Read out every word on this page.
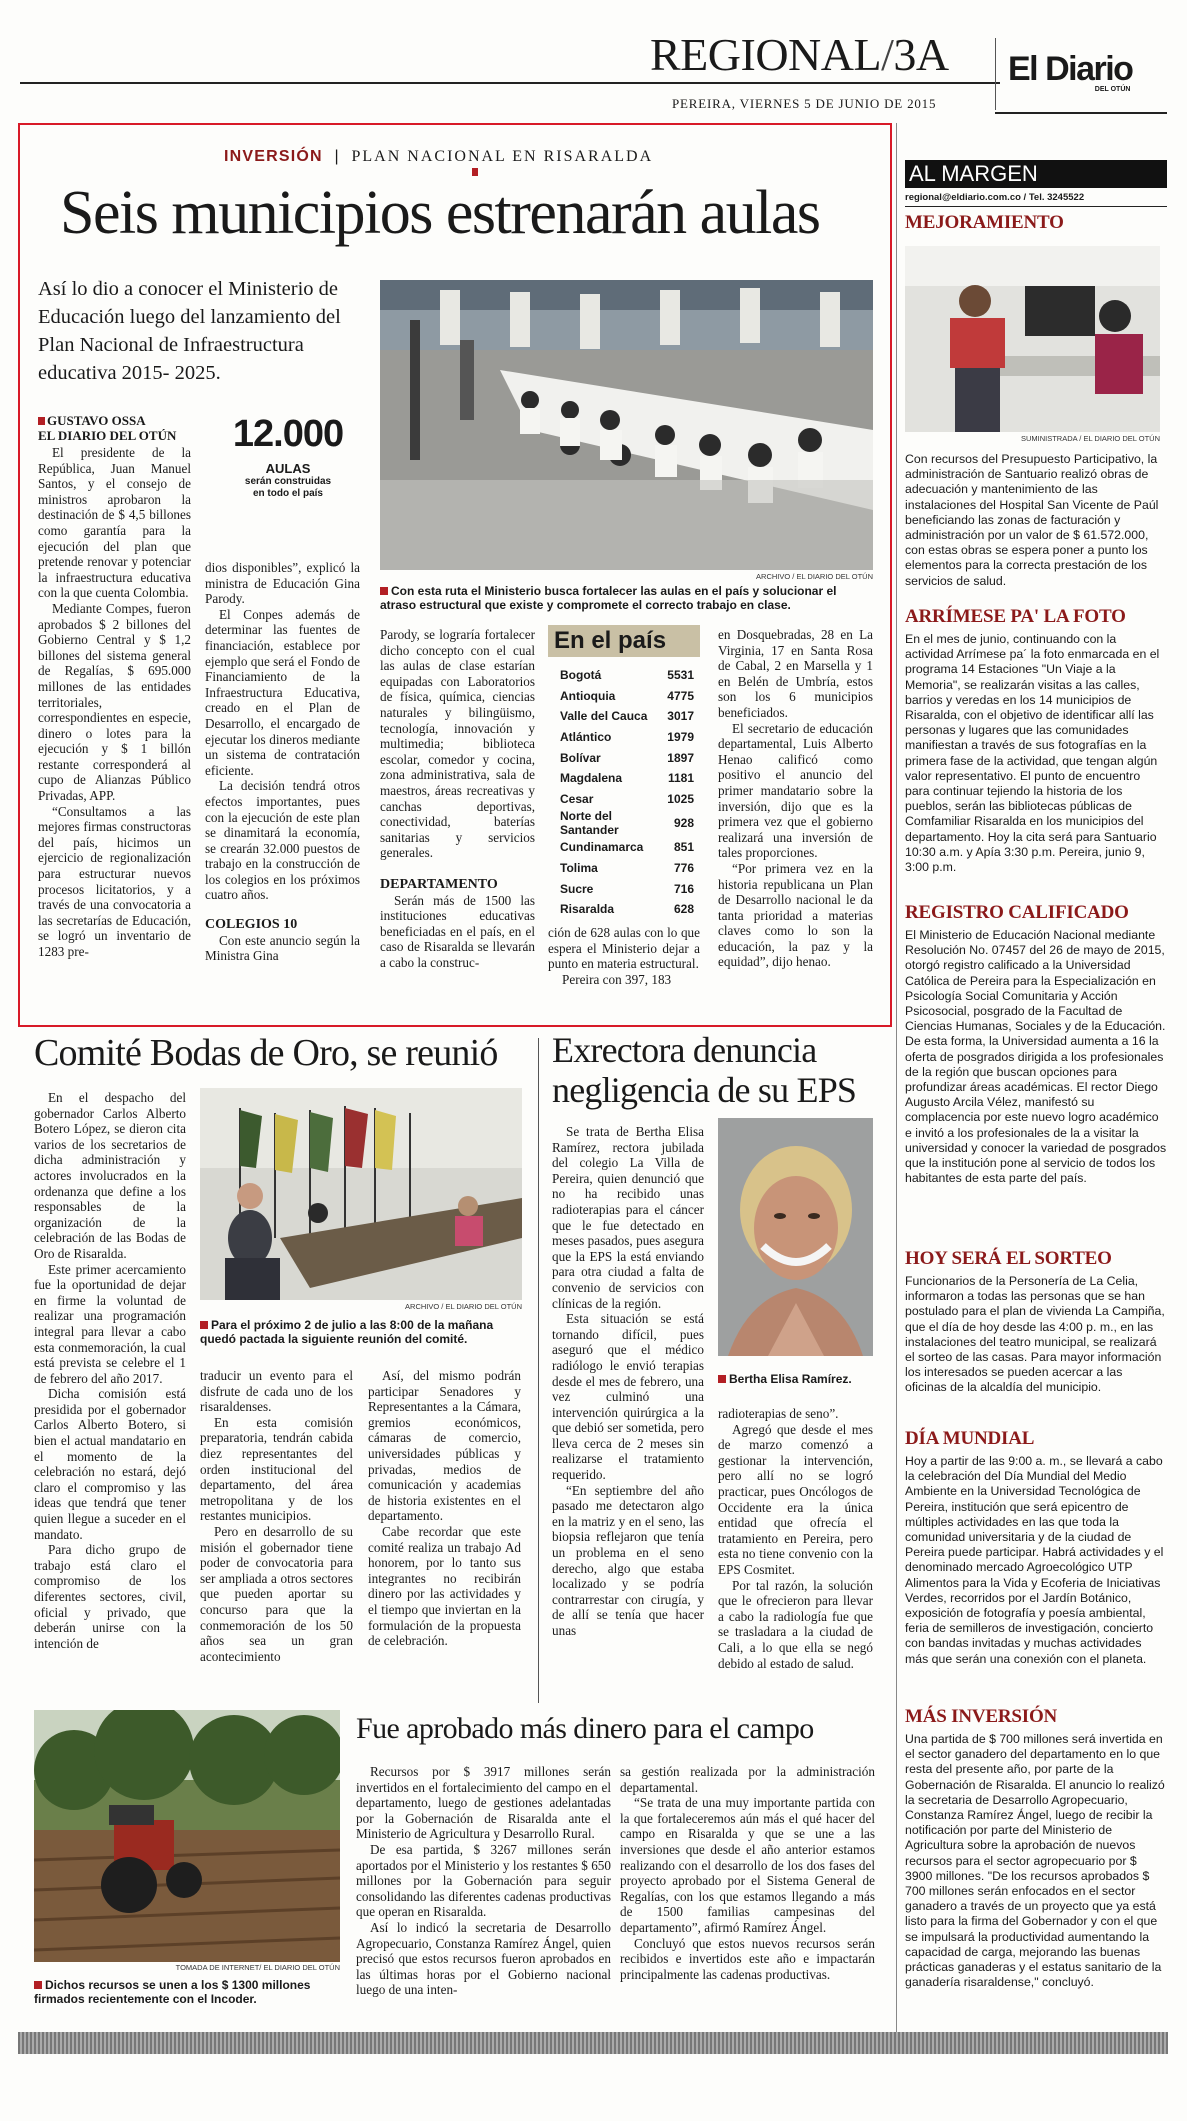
REGIONAL/3A
PEREIRA, VIERNES 5 DE JUNIO DE 2015
El Diario
DEL OTÚN
INVERSIÓN | PLAN NACIONAL EN RISARALDA
Seis municipios estrenarán aulas
Así lo dio a conocer el Ministerio de Educación luego del lanzamiento del Plan Nacional de Infraestructura educativa 2015- 2025.
ARCHIVO / EL DIARIO DEL OTÚN
Con esta ruta el Ministerio busca fortalecer las aulas en el país y solucionar el atraso estructural que existe y compromete el correcto trabajo en clase.
GUSTAVO OSSA
EL DIARIO DEL OTÚN	12.000
AULAS
serán construidas en todo el país

El presidente de la República, Juan Manuel Santos, y el consejo de ministros aprobaron la destinación de $ 4,5 billones como garantía para la ejecución del plan que pretende renovar y potenciar la infraestructura educativa con la que cuenta Colombia.

Mediante Compes, fueron aprobados $ 2 billones del Gobierno Central y $ 1,2 billones del sistema general de Regalías, $ 695.000 millones de las entidades territoriales, correspondientes en especie, dinero o lotes para la ejecución y $ 1 billón restante corresponderá al cupo de Alianzas Público Privadas, APP.

“Consultamos a las mejores firmas constructoras del país, hicimos un ejercicio de regionalización para estructurar nuevos procesos licitatorios, y a través de una convocatoria a las secretarías de Educación, se logró un inventario de 1283 pre-

dios disponibles”, explicó la ministra de Educación Gina Parody.

El Conpes además de determinar las fuentes de financiación, establece por ejemplo que será el Fondo de Financiamiento de la Infraestructura Educativa, creado en el Plan de Desarrollo, el encargado de ejecutar los dineros mediante un sistema de contratación eficiente.

La decisión tendrá otros efectos importantes, pues con la ejecución de este plan se dinamitará la economía, se crearán 32.000 puestos de trabajo en la construcción de los colegios en los próximos cuatro años.

COLEGIOS 10

Con este anuncio según la Ministra Gina

Parody, se lograría fortalecer dicho concepto con el cual las aulas de clase estarían equipadas con Laboratorios de física, química, ciencias naturales y bilingüismo, tecnología, innovación y multimedia; biblioteca escolar, comedor y cocina, zona administrativa, sala de maestros, áreas recreativas y canchas deportivas, conectividad, baterías sanitarias y servicios generales.

DEPARTAMENTO

Serán más de 1500 las instituciones educativas beneficiadas en el país, en el caso de Risaralda se llevarán a cabo la construc-

En el país
Bogotá	5531
Antioquia	4775
Valle del Cauca	3017
Atlántico	1979
Bolívar	1897
Magdalena	1181
Cesar	1025
Norte del Santander	928
Cundinamarca	851
Tolima	776
Sucre	716
Risaralda	628

ción de 628 aulas con lo que espera el Ministerio dejar a punto en materia estructural.

Pereira con 397, 183

en Dosquebradas, 28 en La Virginia, 17 en Santa Rosa de Cabal, 2 en Marsella y 1 en Belén de Umbría, estos son los 6 municipios beneficiados.

El secretario de educación departamental, Luis Alberto Henao calificó como positivo el anuncio del primer mandatario sobre la inversión, dijo que es la primera vez que el gobierno realizará una inversión de tales proporciones.

“Por primera vez en la historia republicana un Plan de Desarrollo nacional le da tanta prioridad a materias claves como lo son la educación, la paz y la equidad”, dijo henao.

Comité Bodas de Oro, se reunió
ARCHIVO / EL DIARIO DEL OTÚN
Para el próximo 2 de julio a las 8:00 de la mañana quedó pactada la siguiente reunión del comité.

En el despacho del gobernador Carlos Alberto Botero López, se dieron cita varios de los secretarios de dicha administración y actores involucrados en la ordenanza que define a los responsables de la organización de la celebración de las Bodas de Oro de Risaralda.

Este primer acercamiento fue la oportunidad de dejar en firme la voluntad de realizar una programación integral para llevar a cabo esta conmemoración, la cual está prevista se celebre el 1 de febrero del año 2017.

Dicha comisión está presidida por el gobernador Carlos Alberto Botero, si bien el actual mandatario en el momento de la celebración no estará, dejó claro el compromiso y las ideas que tendrá que tener quien llegue a suceder en el mandato.

Para dicho grupo de trabajo está claro el compromiso de los diferentes sectores, civil, oficial y privado, que deberán unirse con la intención de

traducir un evento para el disfrute de cada uno de los risaraldenses.

En esta comisión preparatoria, tendrán cabida diez representantes del orden institucional del departamento, del área metropolitana y de los restantes municipios.

Pero en desarrollo de su misión el gobernador tiene poder de convocatoria para ser ampliada a otros sectores que pueden aportar su concurso para que la conmemoración de los 50 años sea un gran acontecimiento

Así, del mismo podrán participar Senadores y Representantes a la Cámara, gremios económicos, cámaras de comercio, universidades públicas y privadas, medios de comunicación y academias de historia existentes en el departamento.

Cabe recordar que este comité realiza un trabajo Ad honorem, por lo tanto sus integrantes no recibirán dinero por las actividades y el tiempo que inviertan en la formulación de la propuesta de celebración.

Exrectora denuncia negligencia de su EPS
Bertha Elisa Ramírez.

Se trata de Bertha Elisa Ramírez, rectora jubilada del colegio La Villa de Pereira, quien denunció que no ha recibido unas radioterapias para el cáncer que le fue detectado en meses pasados, pues asegura que la EPS la está enviando para otra ciudad a falta de convenio de servicios con clínicas de la región.

Esta situación se está tornando difícil, pues aseguró que el médico radiólogo le envió terapias desde el mes de febrero, una vez culminó una intervención quirúrgica a la que debió ser sometida, pero lleva cerca de 2 meses sin realizarse el tratamiento requerido.

“En septiembre del año pasado me detectaron algo en la matriz y en el seno, las biopsia reflejaron que tenía un problema en el seno derecho, algo que estaba localizado y se podría contrarrestar con cirugía, y de allí se tenía que hacer unas

radioterapias de seno”.

Agregó que desde el mes de marzo comenzó a gestionar la intervención, pero allí no se logró practicar, pues Oncólogos de Occidente era la única entidad que ofrecía el tratamiento en Pereira, pero esta no tiene convenio con la EPS Cosmitet.

Por tal razón, la solución que le ofrecieron para llevar a cabo la radiología fue que se trasladara a la ciudad de Cali, a lo que ella se negó debido al estado de salud.

TOMADA DE INTERNET/ EL DIARIO DEL OTÚN
Dichos recursos se unen a los $ 1300 millones firmados recientemente con el Incoder.
Fue aprobado más dinero para el campo

Recursos por $ 3917 millones serán invertidos en el fortalecimiento del campo en el departamento, luego de gestiones adelantadas por la Gobernación de Risaralda ante el Ministerio de Agricultura y Desarrollo Rural.

De esa partida, $ 3267 millones serán aportados por el Ministerio y los restantes $ 650 millones por la Gobernación para seguir consolidando las diferentes cadenas productivas que operan en Risaralda.

Así lo indicó la secretaria de Desarrollo Agropecuario, Constanza Ramírez Ángel, quien precisó que estos recursos fueron aprobados en las últimas horas por el Gobierno nacional luego de una inten-

sa gestión realizada por la administración departamental.

“Se trata de una muy importante partida con la que fortaleceremos aún más el qué hacer del campo en Risaralda y que se une a las inversiones que desde el año anterior estamos realizando con el desarrollo de los dos fases del proyecto aprobado por el Sistema General de Regalías, con los que estamos llegando a más de 1500 familias campesinas del departamento”, afirmó Ramírez Ángel.

Concluyó que estos nuevos recursos serán recibidos e invertidos este año e impactarán principalmente las cadenas productivas.

AL MARGEN
regional@eldiario.com.co / Tel. 3245522
MEJORAMIENTO
SUMINISTRADA / EL DIARIO DEL OTÚN
Con recursos del Presupuesto Participativo, la administración de Santuario realizó obras de adecuación y mantenimiento de las instalaciones del Hospital San Vicente de Paúl beneficiando las zonas de facturación y administración por un valor de $ 61.572.000, con estas obras se espera poner a punto los elementos para la correcta prestación de los servicios de salud.
ARRÍMESE PA' LA FOTO
En el mes de junio, continuando con la actividad Arrímese pa´ la foto enmarcada en el programa 14 Estaciones "Un Viaje a la Memoria", se realizarán visitas a las calles, barrios y veredas en los 14 municipios de Risaralda, con el objetivo de identificar allí las personas y lugares que las comunidades manifiestan a través de sus fotografías en la primera fase de la actividad, que tengan algún valor representativo. El punto de encuentro para continuar tejiendo la historia de los pueblos, serán las bibliotecas públicas de Comfamiliar Risaralda en los municipios del departamento. Hoy la cita será para Santuario 10:30 a.m. y Apía 3:30 p.m. Pereira, junio 9, 3:00 p.m.
REGISTRO CALIFICADO
El Ministerio de Educación Nacional mediante Resolución No. 07457 del 26 de mayo de 2015, otorgó registro calificado a la Universidad Católica de Pereira para la Especialización en Psicología Social Comunitaria y Acción Psicosocial, posgrado de la Facultad de Ciencias Humanas, Sociales y de la Educación. De esta forma, la Universidad aumenta a 16 la oferta de posgrados dirigida a los profesionales de la región que buscan opciones para profundizar áreas académicas. El rector Diego Augusto Arcila Vélez, manifestó su complacencia por este nuevo logro académico e invitó a los profesionales de la a visitar la universidad y conocer la variedad de posgrados que la institución pone al servicio de todos los habitantes de esta parte del país.
HOY SERÁ EL SORTEO
Funcionarios de la Personería de La Celia, informaron a todas las personas que se han postulado para el plan de vivienda La Campiña, que el día de hoy desde las 4:00 p. m., en las instalaciones del teatro municipal, se realizará el sorteo de las casas. Para mayor información los interesados se pueden acercar a las oficinas de la alcaldía del municipio.
DÍA MUNDIAL
Hoy a partir de las 9:00 a. m., se llevará a cabo la celebración del Día Mundial del Medio Ambiente en la Universidad Tecnológica de Pereira, institución que será epicentro de múltiples actividades en las que toda la comunidad universitaria y de la ciudad de Pereira puede participar. Habrá actividades y el denominado mercado Agroecológico UTP Alimentos para la Vida y Ecoferia de Iniciativas Verdes, recorridos por el Jardín Botánico, exposición de fotografía y poesía ambiental, feria de semilleros de investigación, concierto con bandas invitadas y muchas actividades más que serán una conexión con el planeta.
MÁS INVERSIÓN
Una partida de $ 700 millones será invertida en el sector ganadero del departamento en lo que resta del presente año, por parte de la Gobernación de Risaralda. El anuncio lo realizó la secretaria de Desarrollo Agropecuario, Constanza Ramírez Ángel, luego de recibir la notificación por parte del Ministerio de Agricultura sobre la aprobación de nuevos recursos para el sector agropecuario por $ 3900 millones. "De los recursos aprobados $ 700 millones serán enfocados en el sector ganadero a través de un proyecto que ya está listo para la firma del Gobernador y con el que se impulsará la productividad aumentando la capacidad de carga, mejorando las buenas prácticas ganaderas y el estatus sanitario de la ganadería risaraldense," concluyó.
